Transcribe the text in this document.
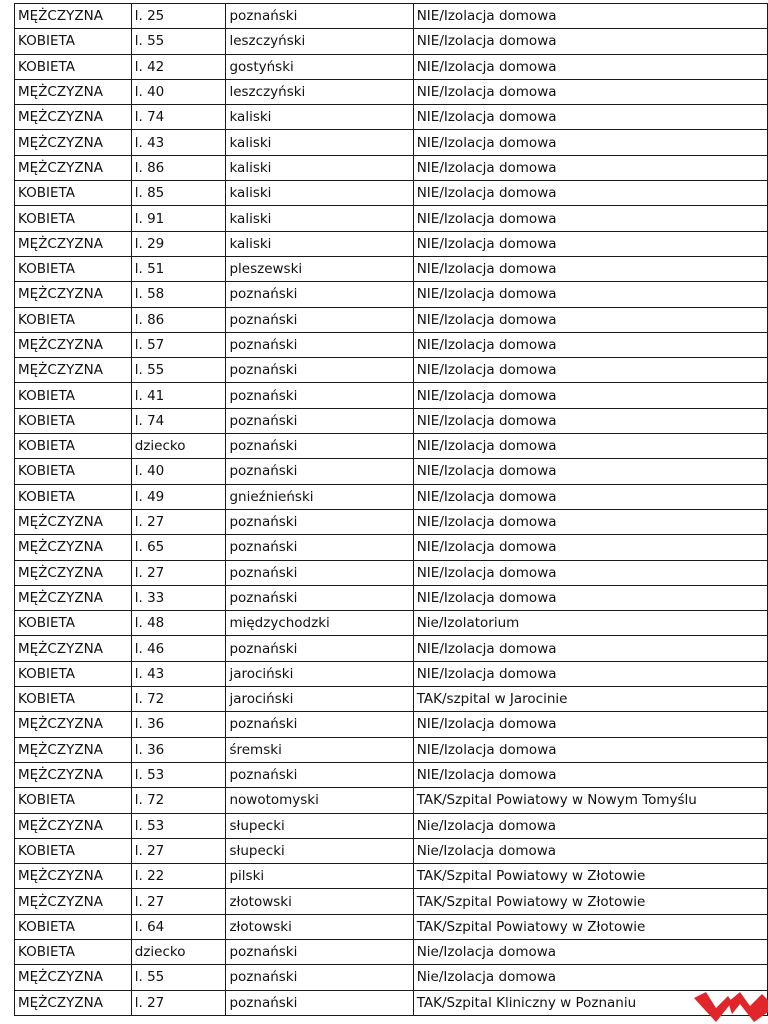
MĘŻCZYZNA	l. 25	poznański	NIE/Izolacja domowa
KOBIETA	l. 55	leszczyński	NIE/Izolacja domowa
KOBIETA	l. 42	gostyński	NIE/Izolacja domowa
MĘŻCZYZNA	l. 40	leszczyński	NIE/Izolacja domowa
MĘŻCZYZNA	l. 74	kaliski	NIE/Izolacja domowa
MĘŻCZYZNA	l. 43	kaliski	NIE/Izolacja domowa
MĘŻCZYZNA	l. 86	kaliski	NIE/Izolacja domowa
KOBIETA	l. 85	kaliski	NIE/Izolacja domowa
KOBIETA	l. 91	kaliski	NIE/Izolacja domowa
MĘŻCZYZNA	l. 29	kaliski	NIE/Izolacja domowa
KOBIETA	l. 51	pleszewski	NIE/Izolacja domowa
MĘŻCZYZNA	l. 58	poznański	NIE/Izolacja domowa
KOBIETA	l. 86	poznański	NIE/Izolacja domowa
MĘŻCZYZNA	l. 57	poznański	NIE/Izolacja domowa
MĘŻCZYZNA	l. 55	poznański	NIE/Izolacja domowa
KOBIETA	l. 41	poznański	NIE/Izolacja domowa
KOBIETA	l. 74	poznański	NIE/Izolacja domowa
KOBIETA	dziecko	poznański	NIE/Izolacja domowa
KOBIETA	l. 40	poznański	NIE/Izolacja domowa
KOBIETA	l. 49	gnieźnieński	NIE/Izolacja domowa
MĘŻCZYZNA	l. 27	poznański	NIE/Izolacja domowa
MĘŻCZYZNA	l. 65	poznański	NIE/Izolacja domowa
MĘŻCZYZNA	l. 27	poznański	NIE/Izolacja domowa
MĘŻCZYZNA	l. 33	poznański	NIE/Izolacja domowa
KOBIETA	l. 48	międzychodzki	Nie/Izolatorium
MĘŻCZYZNA	l. 46	poznański	NIE/Izolacja domowa
KOBIETA	l. 43	jarociński	NIE/Izolacja domowa
KOBIETA	l. 72	jarociński	TAK/szpital w Jarocinie
MĘŻCZYZNA	l. 36	poznański	NIE/Izolacja domowa
MĘŻCZYZNA	l. 36	śremski	NIE/Izolacja domowa
MĘŻCZYZNA	l. 53	poznański	NIE/Izolacja domowa
KOBIETA	l. 72	nowotomyski	TAK/Szpital Powiatowy w Nowym Tomyślu
MĘŻCZYZNA	l. 53	słupecki	Nie/Izolacja domowa
KOBIETA	l. 27	słupecki	Nie/Izolacja domowa
MĘŻCZYZNA	l. 22	pilski	TAK/Szpital Powiatowy w Złotowie
MĘŻCZYZNA	l. 27	złotowski	TAK/Szpital Powiatowy w Złotowie
KOBIETA	l. 64	złotowski	TAK/Szpital Powiatowy w Złotowie
KOBIETA	dziecko	poznański	Nie/Izolacja domowa
MĘŻCZYZNA	l. 55	poznański	Nie/Izolacja domowa
MĘŻCZYZNA	l. 27	poznański	TAK/Szpital Kliniczny w Poznaniu
